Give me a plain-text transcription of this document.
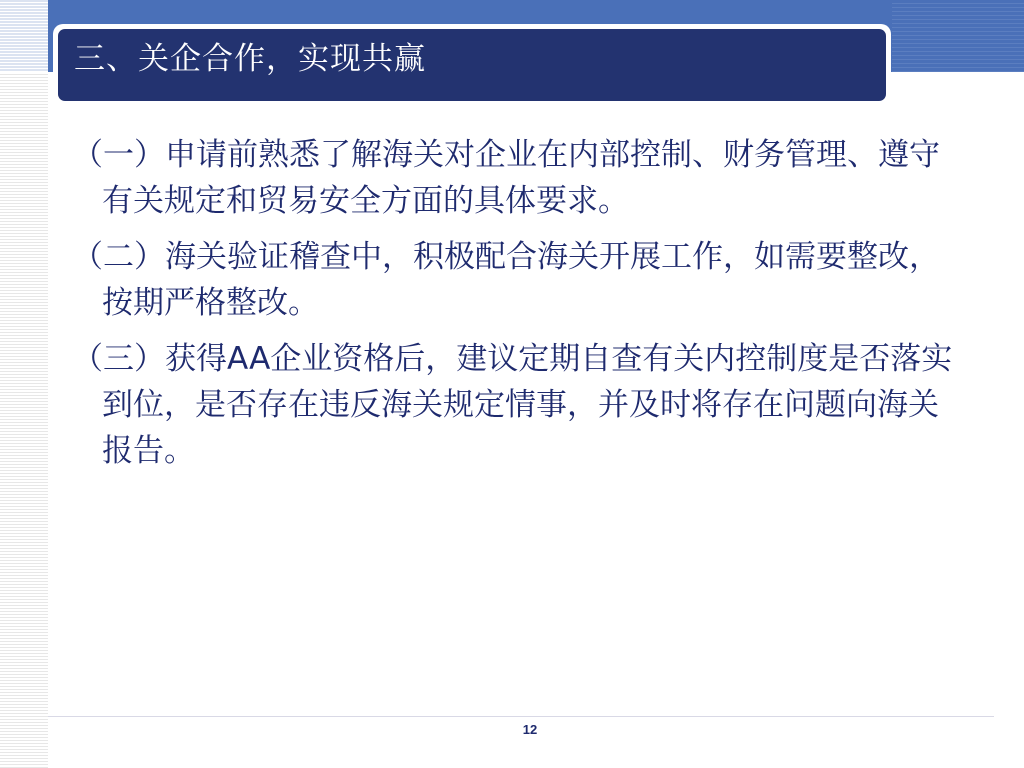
三、关企合作，实现共赢
（一）申请前熟悉了解海关对企业在内部控制、财务管理、遵守有关规定和贸易安全方面的具体要求。
（二）海关验证稽查中，积极配合海关开展工作，如需要整改，按期严格整改。
（三）获得AA企业资格后，建议定期自查有关内控制度是否落实到位，是否存在违反海关规定情事，并及时将存在问题向海关报告。
12
